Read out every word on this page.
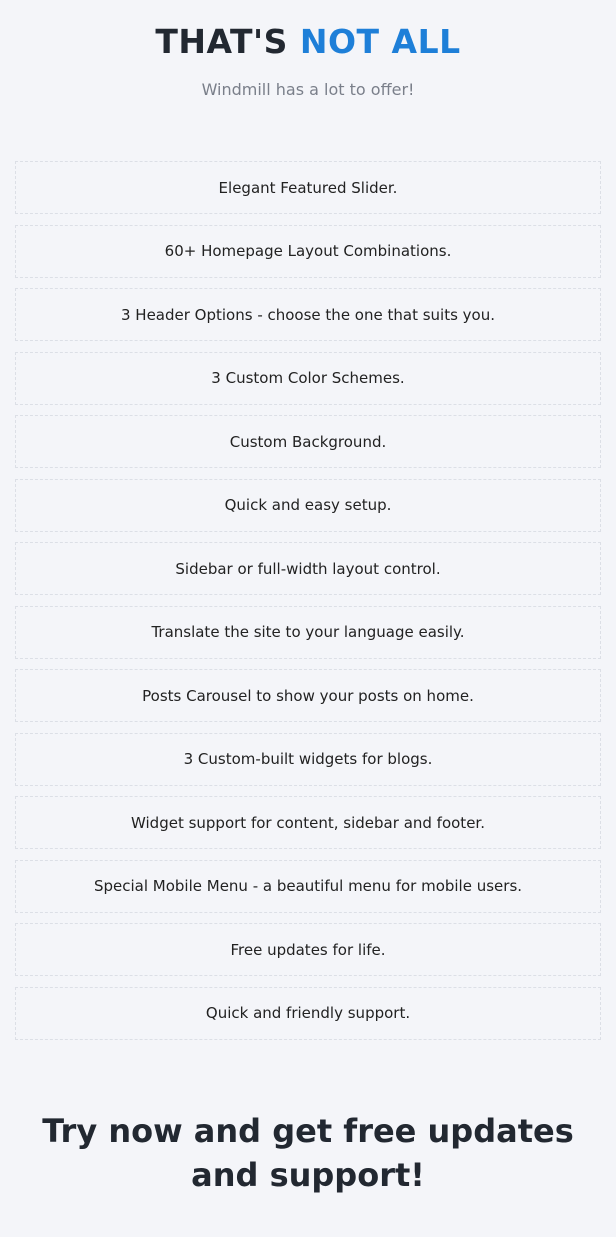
THAT'S NOT ALL

Windmill has a lot to offer!

Elegant Featured Slider.
60+ Homepage Layout Combinations.
3 Header Options - choose the one that suits you.
3 Custom Color Schemes.
Custom Background.
Quick and easy setup.
Sidebar or full-width layout control.
Translate the site to your language easily.
Posts Carousel to show your posts on home.
3 Custom-built widgets for blogs.
Widget support for content, sidebar and footer.
Special Mobile Menu - a beautiful menu for mobile users.
Free updates for life.
Quick and friendly support.
Try now and get free updates and support!
